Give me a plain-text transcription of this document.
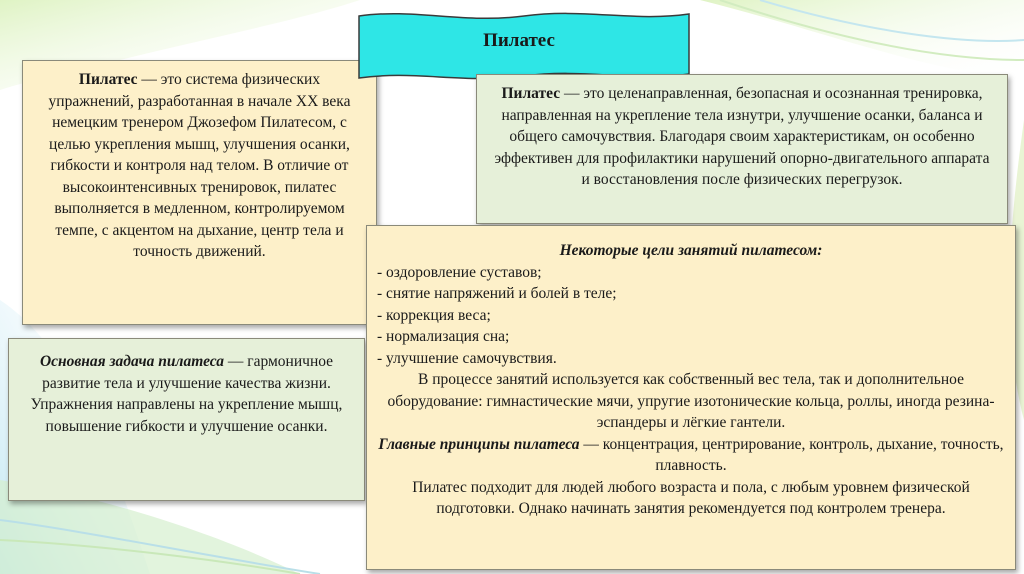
Пилатес — это система физических упражнений, разработанная в начале XX века немецким тренером Джозефом Пилатесом, с целью укрепления мышц, улучшения осанки, гибкости и контроля над телом. В отличие от высокоинтенсивных тренировок, пилатес выполняется в медленном, контролируемом темпе, с акцентом на дыхание, центр тела и точность движений.
Пилатес
Пилатес — это целенаправленная, безопасная и осознанная тренировка, направленная на укрепление тела изнутри, улучшение осанки, баланса и общего самочувствия. Благодаря своим характеристикам, он особенно эффективен для профилактики нарушений опорно-двигательного аппарата и восстановления после физических перегрузок.
Основная задача пилатеса — гармоничное развитие тела и улучшение качества жизни. Упражнения направлены на укрепление мышц, повышение гибкости и улучшение осанки.
Некоторые цели занятий пилатесом:
- оздоровление суставов;
- снятие напряжений и болей в теле;
- коррекция веса;
- нормализация сна;
- улучшение самочувствия.
В процессе занятий используется как собственный вес тела, так и дополнительное оборудование: гимнастические мячи, упругие изотонические кольца, роллы, иногда резина-эспандеры и лёгкие гантели.
Главные принципы пилатеса — концентрация, центрирование, контроль, дыхание, точность, плавность.
Пилатес подходит для людей любого возраста и пола, с любым уровнем физической подготовки. Однако начинать занятия рекомендуется под контролем тренера.
